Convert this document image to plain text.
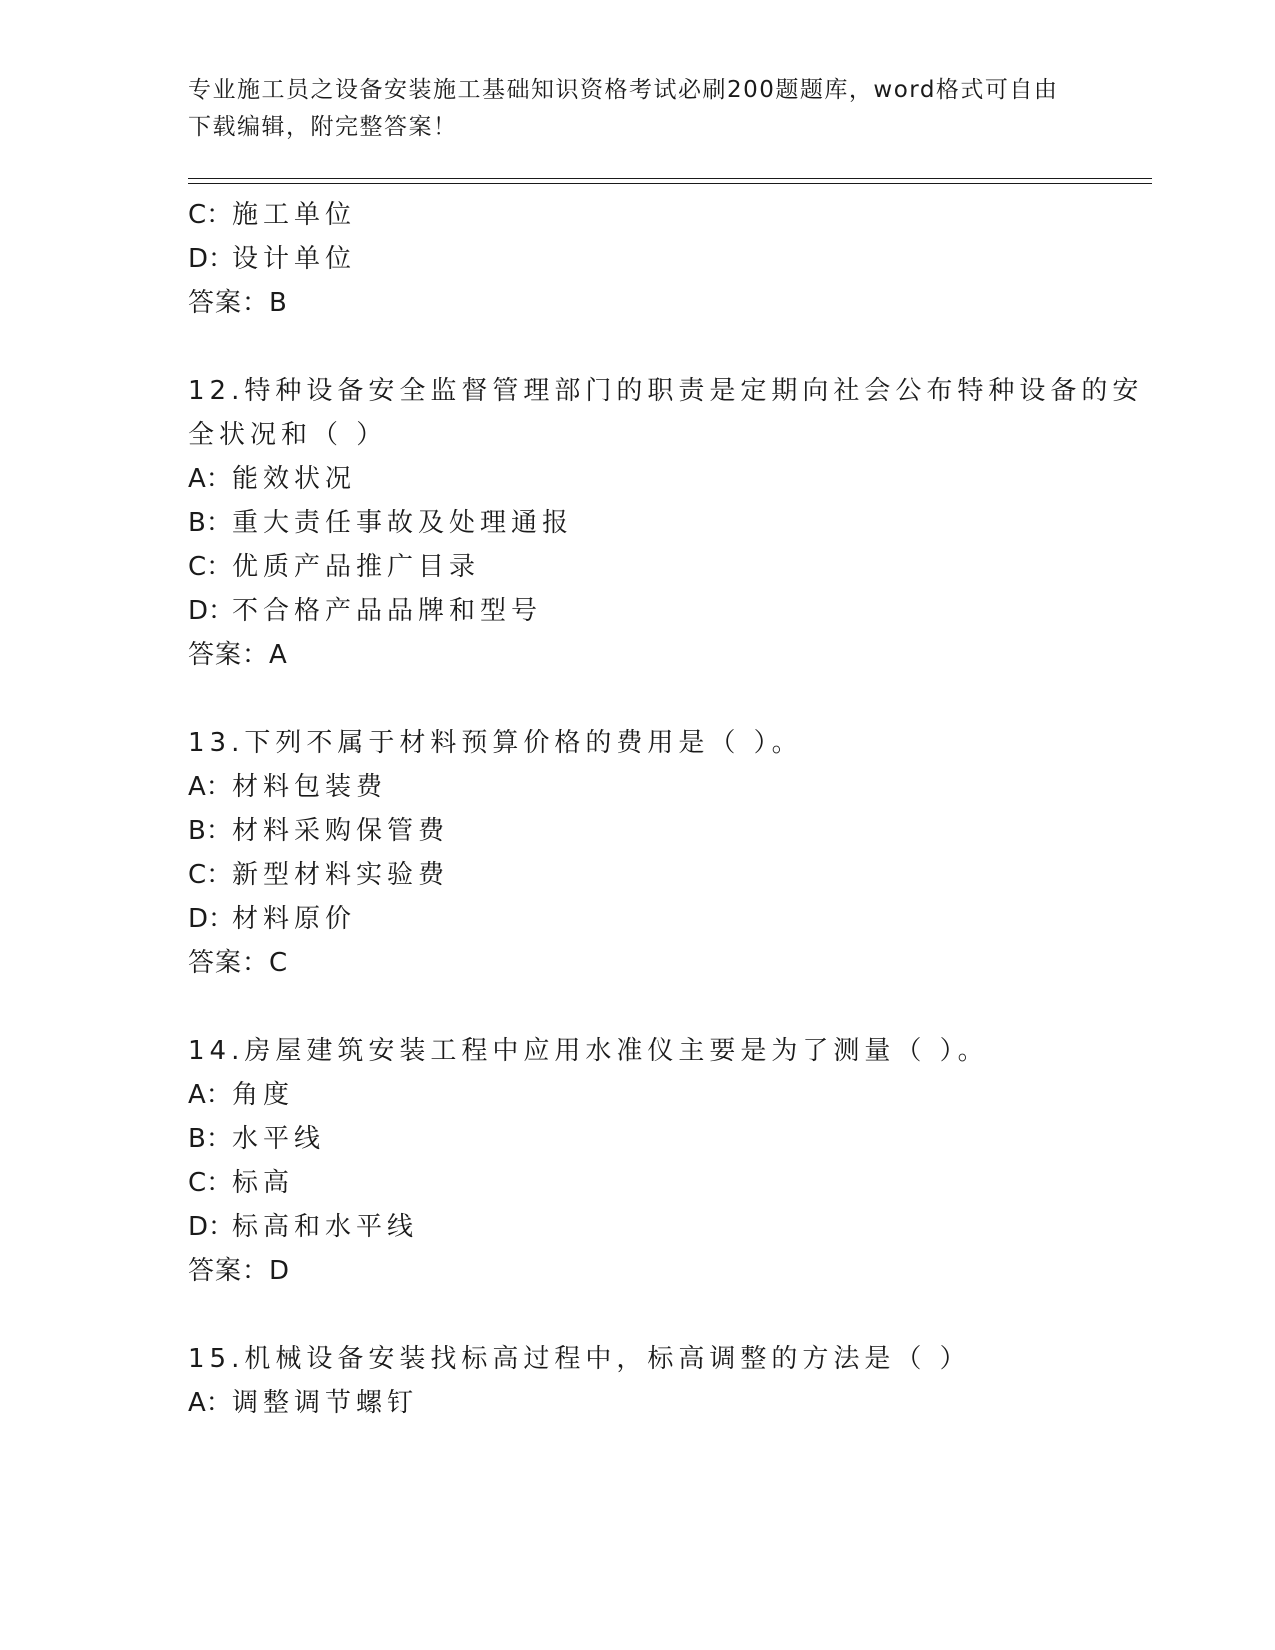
专业施工员之设备安装施工基础知识资格考试必刷200题题库，word格式可自由
下载编辑，附完整答案！
C：施工单位
D：设计单位
答案：B
12.特种设备安全监督管理部门的职责是定期向社会公布特种设备的安
全状况和（ ）
A：能效状况
B：重大责任事故及处理通报
C：优质产品推广目录
D：不合格产品品牌和型号
答案：A
13.下列不属于材料预算价格的费用是（ ）。
A：材料包装费
B：材料采购保管费
C：新型材料实验费
D：材料原价
答案：C
14.房屋建筑安装工程中应用水准仪主要是为了测量（ ）。
A：角度
B：水平线
C：标高
D：标高和水平线
答案：D
15.机械设备安装找标高过程中，标高调整的方法是（ ）
A：调整调节螺钉
